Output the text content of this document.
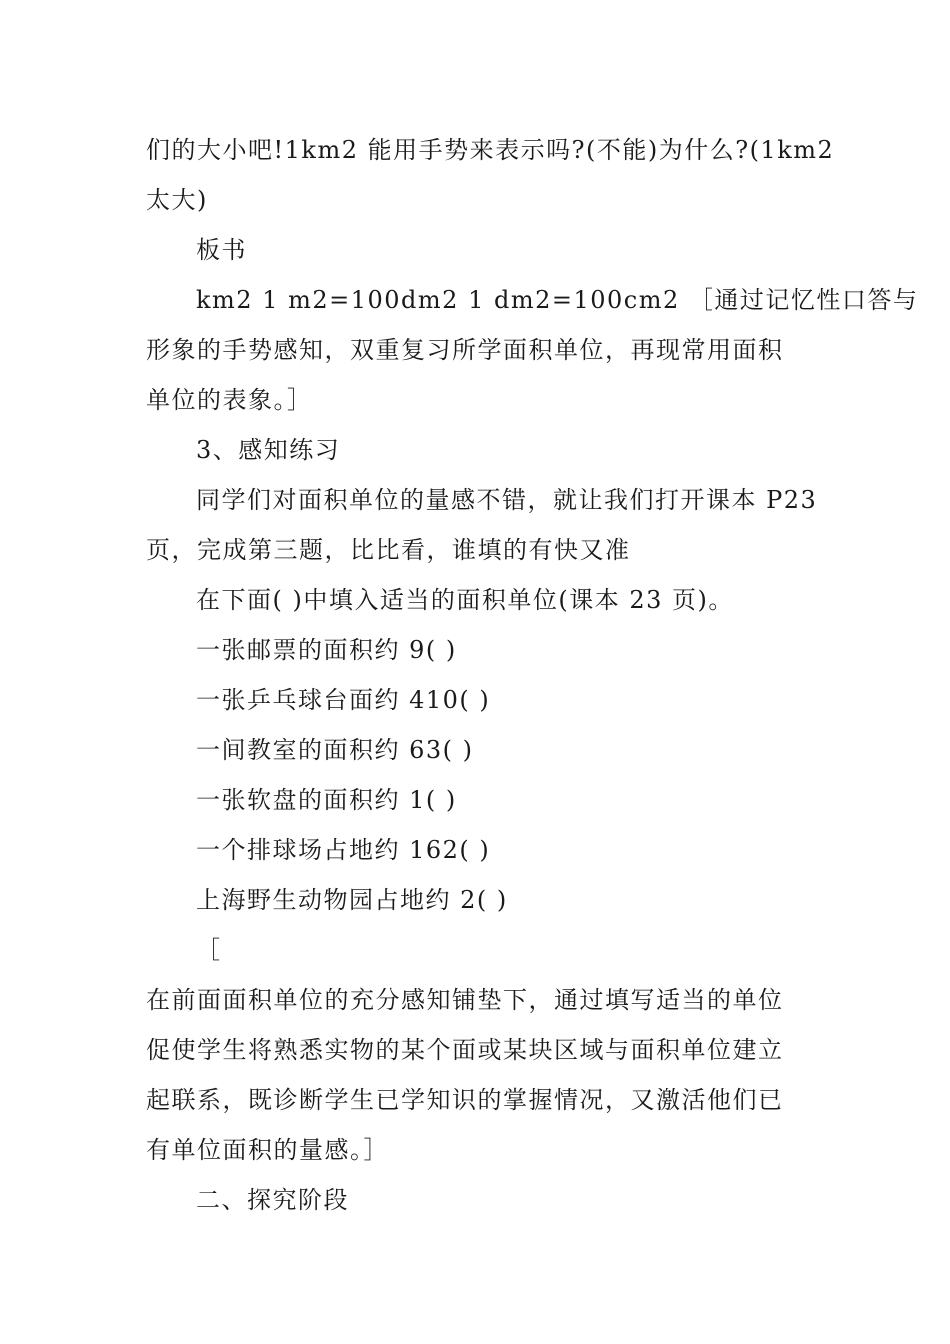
们的大小吧!1km2 能用手势来表示吗?(不能)为什么?(1km2
太大)
板书
km2 1 m2=100dm2 1 dm2=100cm2 ［通过记忆性口答与
形象的手势感知，双重复习所学面积单位，再现常用面积
单位的表象。］
3、感知练习
同学们对面积单位的量感不错，就让我们打开课本 P23
页，完成第三题，比比看，谁填的有快又准
在下面( )中填入适当的面积单位(课本 23 页)。
一张邮票的面积约 9( )
一张乒乓球台面约 410( )
一间教室的面积约 63( )
一张软盘的面积约 1( )
一个排球场占地约 162( )
上海野生动物园占地约 2( )
［
在前面面积单位的充分感知铺垫下，通过填写适当的单位
促使学生将熟悉实物的某个面或某块区域与面积单位建立
起联系，既诊断学生已学知识的掌握情况，又激活他们已
有单位面积的量感。］
二、探究阶段
